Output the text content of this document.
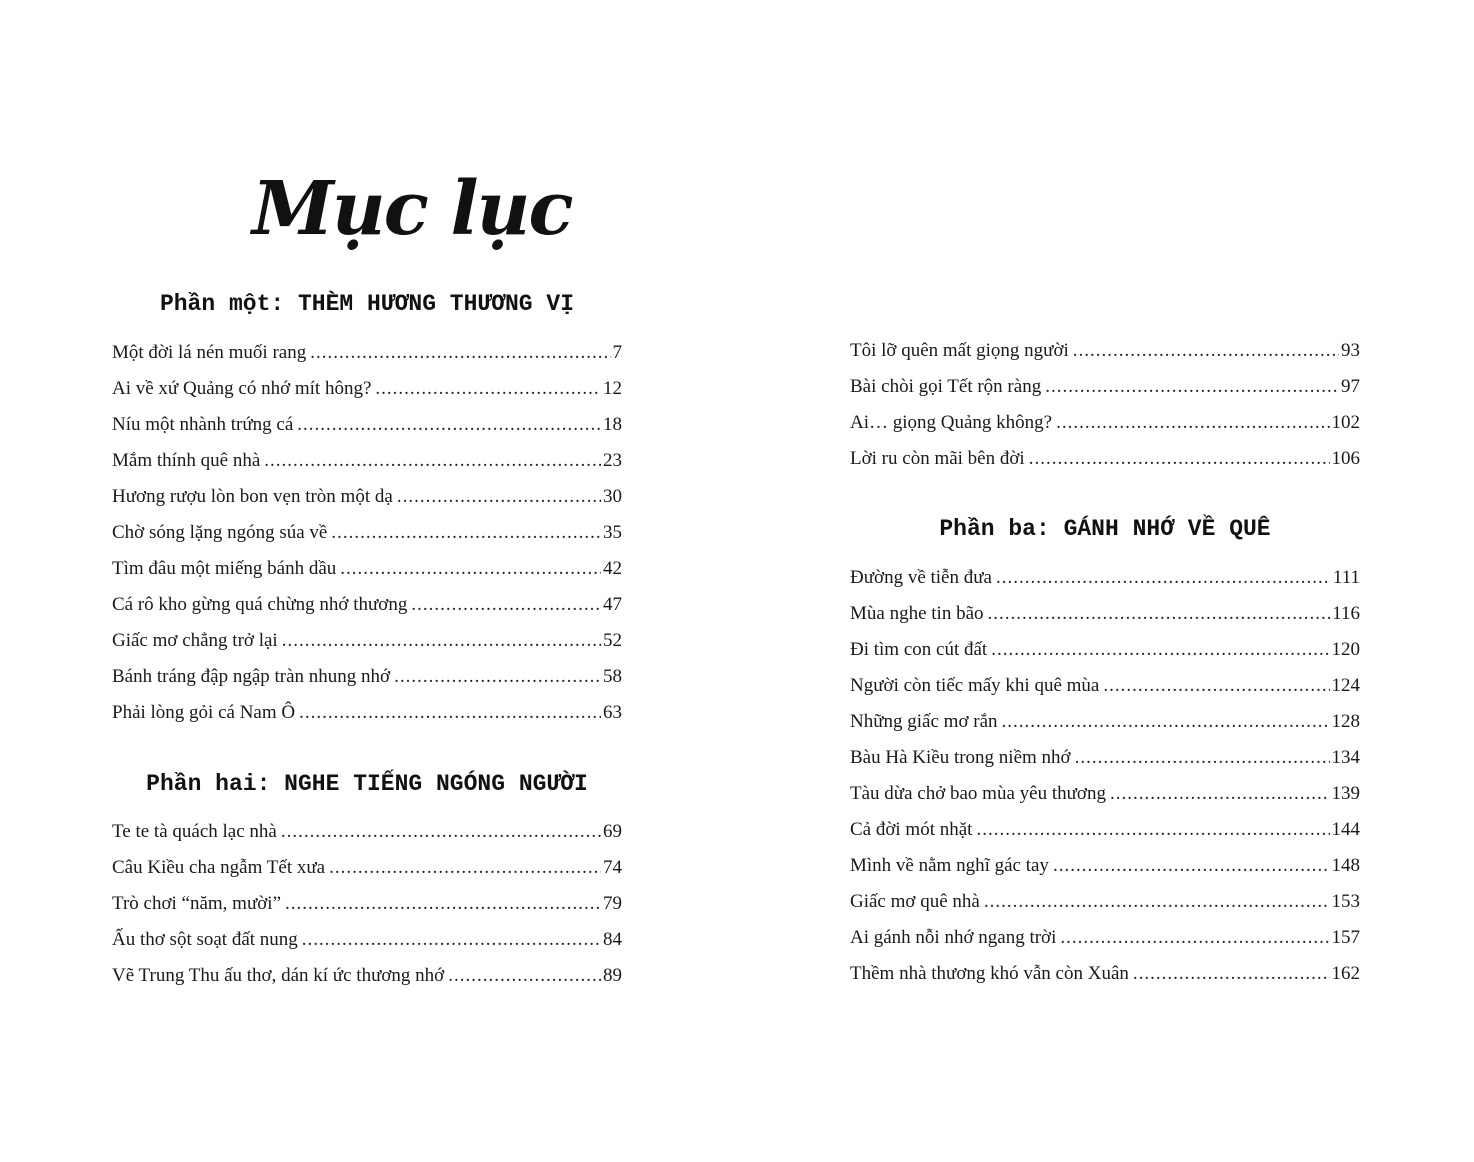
Mục lục
Phần một: THÈM HƯƠNG THƯƠNG VỊ
Một đời lá nén muối rang .....	7
Ai về xứ Quảng có nhớ mít hông? .....	12
Níu một nhành trứng cá .....	18
Mắm thính quê nhà .....	23
Hương rượu lòn bon vẹn tròn một dạ .....	30
Chờ sóng lặng ngóng súa về .....	35
Tìm đâu một miếng bánh dầu .....	42
Cá rô kho gừng quá chừng nhớ thương .....	47
Giấc mơ chẳng trở lại .....	52
Bánh tráng đập ngập tràn nhung nhớ .....	58
Phải lòng gỏi cá Nam Ô .....	63
Phần hai: NGHE TIẾNG NGÓNG NGƯỜI
Te te tà quách lạc nhà .....	69
Câu Kiều cha ngẫm Tết xưa .....	74
Trò chơi “năm, mười” .....	79
Ấu thơ sột soạt đất nung .....	84
Vẽ Trung Thu ấu thơ, dán kí ức thương nhớ .....	89
Tôi lỡ quên mất giọng người .....	93
Bài chòi gọi Tết rộn ràng .....	97
Ai… giọng Quảng không? .....	102
Lời ru còn mãi bên đời .....	106
Phần ba: GÁNH NHỚ VỀ QUÊ
Đường về tiễn đưa .....	111
Mùa nghe tin bão .....	116
Đi tìm con cút đất .....	120
Người còn tiếc mấy khi quê mùa .....	124
Những giấc mơ rắn .....	128
Bàu Hà Kiều trong niềm nhớ .....	134
Tàu dừa chở bao mùa yêu thương .....	139
Cả đời mót nhặt .....	144
Mình về nằm nghĩ gác tay .....	148
Giấc mơ quê nhà .....	153
Ai gánh nỗi nhớ ngang trời .....	157
Thềm nhà thương khó vẫn còn Xuân .....	162
